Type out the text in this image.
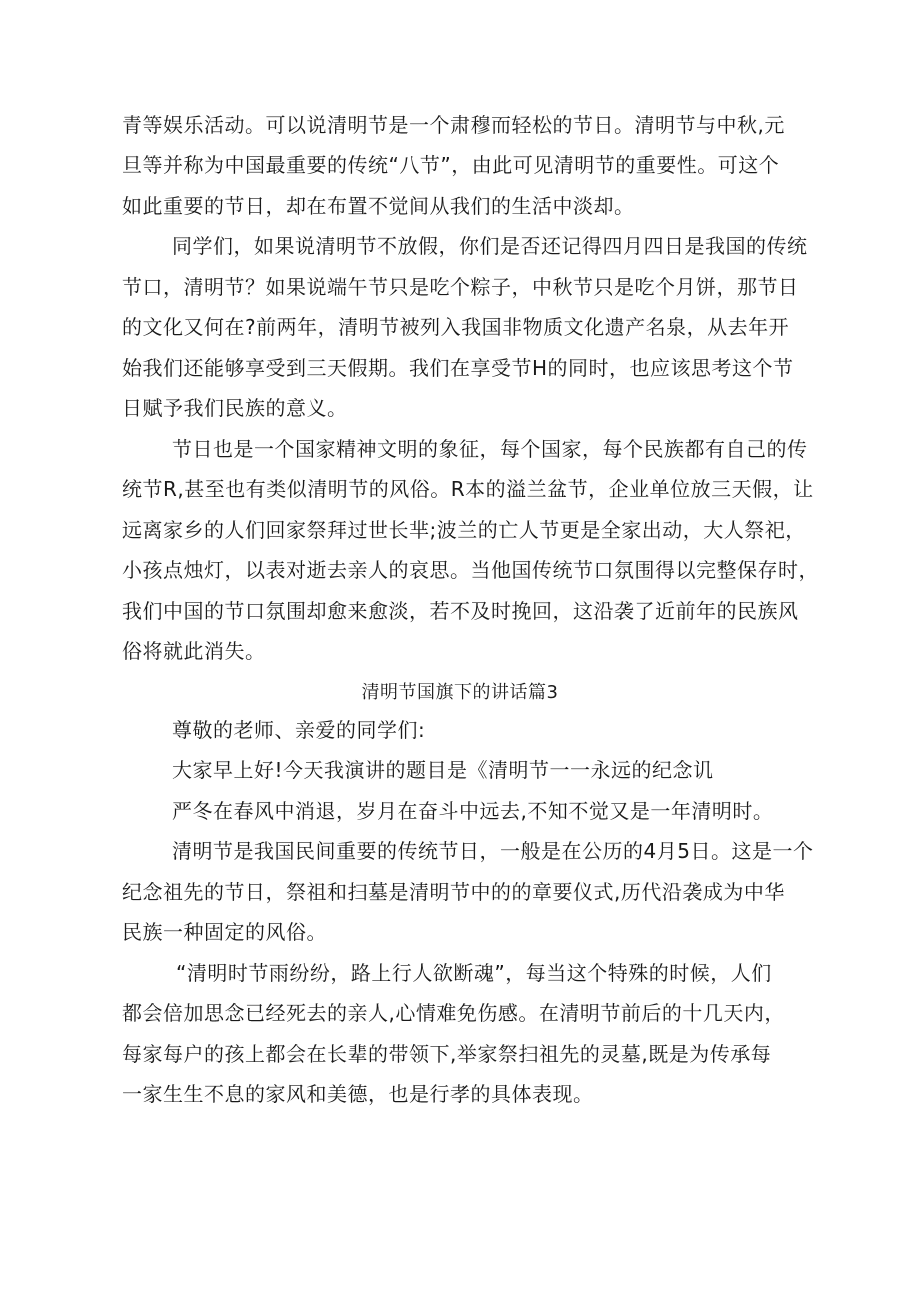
青等娱乐活动。可以说清明节是一个肃穆而轻松的节日。清明节与中秋,元
旦等并称为中国最重要的传统“八节”，由此可见清明节的重要性。可这个
如此重要的节日，却在布置不觉间从我们的生活中淡却。
同学们，如果说清明节不放假，你们是否还记得四月四日是我国的传统
节口，清明节？如果说端午节只是吃个粽子，中秋节只是吃个月饼，那节日
的文化又何在?前两年，清明节被列入我国非物质文化遗产名泉，从去年开
始我们还能够享受到三天假期。我们在享受节H的同时，也应该思考这个节
日赋予我们民族的意义。
节日也是一个国家精神文明的象征，每个国家，每个民族都有自己的传
统节R,甚至也有类似清明节的风俗。R本的溢兰盆节，企业单位放三天假，让
远离家乡的人们回家祭拜过世长芈;波兰的亡人节更是全家出动，大人祭祀，
小孩点烛灯，以表对逝去亲人的哀思。当他国传统节口氛围得以完整保存时，
我们中国的节口氛围却愈来愈淡，若不及时挽回，这沿袭了近前年的民族风
俗将就此消失。
清明节国旗下的讲话篇3
尊敬的老师、亲爱的同学们:
大家早上好!今天我演讲的题目是《清明节一一永远的纪念讥
严冬在春风中消退，岁月在奋斗中远去,不知不觉又是一年清明时。
清明节是我国民间重要的传统节日，一般是在公历的4月5日。这是一个
纪念祖先的节日，祭祖和扫墓是清明节中的的章要仪式,历代沿袭成为中华
民族一种固定的风俗。
“清明时节雨纷纷，路上行人欲断魂”，每当这个特殊的时候，人们
都会倍加思念已经死去的亲人,心情难免伤感。在清明节前后的十几天内，
每家每户的孩上都会在长辈的带领下,举家祭扫祖先的灵墓,既是为传承每
一家生生不息的家风和美德，也是行孝的具体表现。
